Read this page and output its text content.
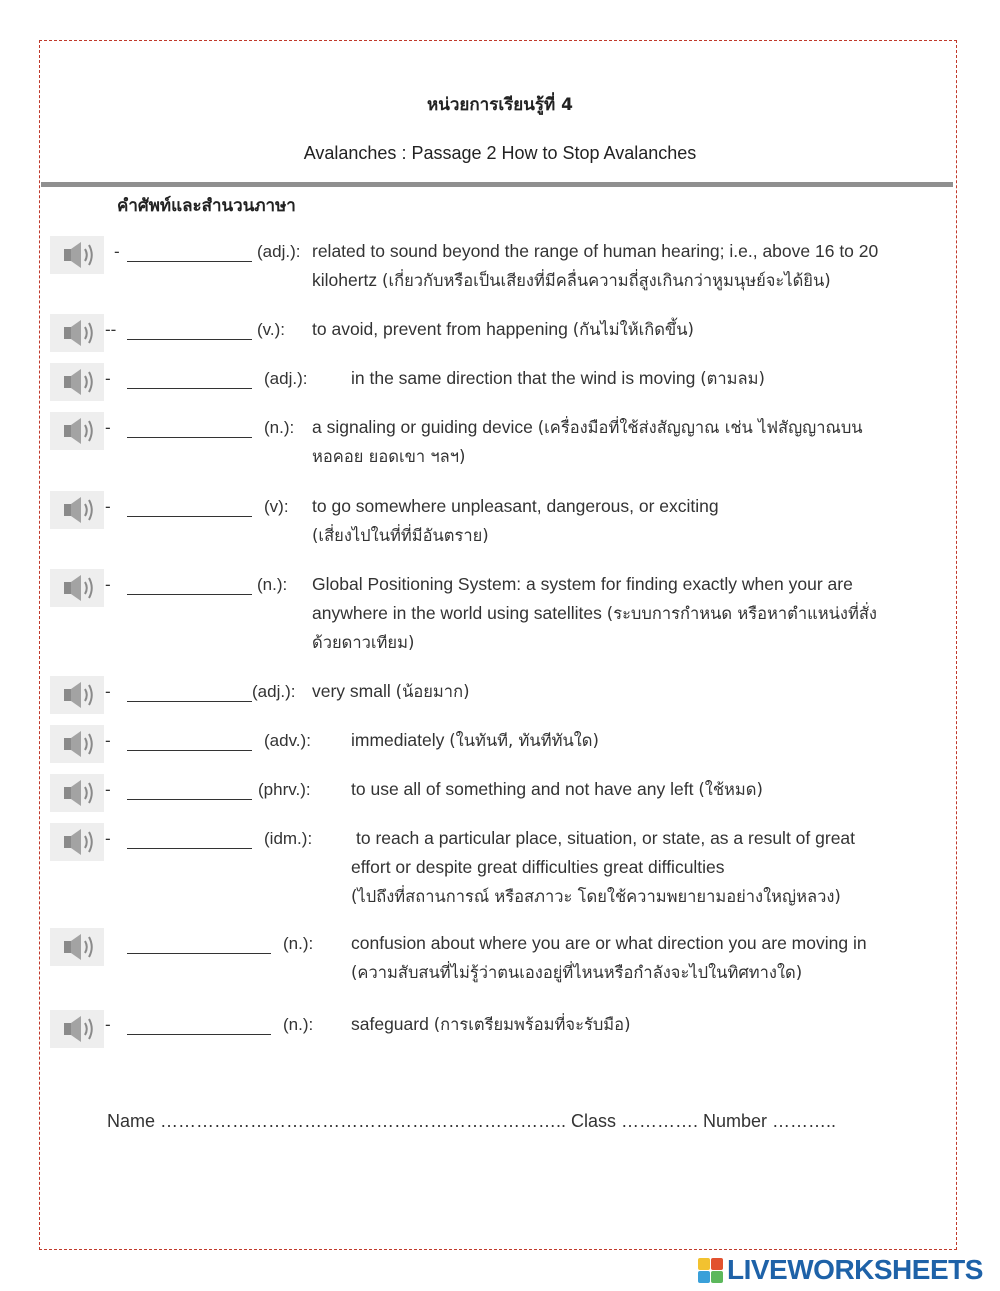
หน่วยการเรียนรู้ที่ 4
Avalanches : Passage 2 How to Stop Avalanches
คำศัพท์และสำนวนภาษา
-	(adj.): related to sound beyond the range of human hearing; i.e., above 16 to 20
kilohertz (เกี่ยวกับหรือเป็นเสียงที่มีคลื่นความถี่สูงเกินกว่าหูมนุษย์จะได้ยิน)
--	(v.): to avoid, prevent from happening (กันไม่ให้เกิดขึ้น)
-	(adj.): in the same direction that the wind is moving (ตามลม)
-	(n.): a signaling or guiding device (เครื่องมือที่ใช้ส่งสัญญาณ เช่น ไฟสัญญาณบน
หอคอย ยอดเขา ฯลฯ)
-	(v): to go somewhere unpleasant, dangerous, or exciting
(เสี่ยงไปในที่ที่มีอันตราย)
-	(n.): Global Positioning System: a system for finding exactly when your are
anywhere in the world using satellites (ระบบการกำหนด หรือหาตำแหน่งที่สั่ง
ด้วยดาวเทียม)
-	(adj.): very small (น้อยมาก)
-	(adv.): immediately (ในทันที, ทันทีทันใด)
-	(phrv.): to use all of something and not have any left (ใช้หมด)
-	(idm.):	to reach a particular place, situation, or state, as a result of great
effort or despite great difficulties great difficulties
(ไปถึงที่สถานการณ์ หรือสภาวะ โดยใช้ความพยายามอย่างใหญ่หลวง)
(n.): confusion about where you are or what direction you are moving in
(ความสับสนที่ไม่รู้ว่าตนเองอยู่ที่ไหนหรือกำลังจะไปในทิศทางใด)
-	(n.): safeguard (การเตรียมพร้อมที่จะรับมือ)
Name ………………………………………………………….. Class …………. Number ………..
LIVEWORKSHEETS
